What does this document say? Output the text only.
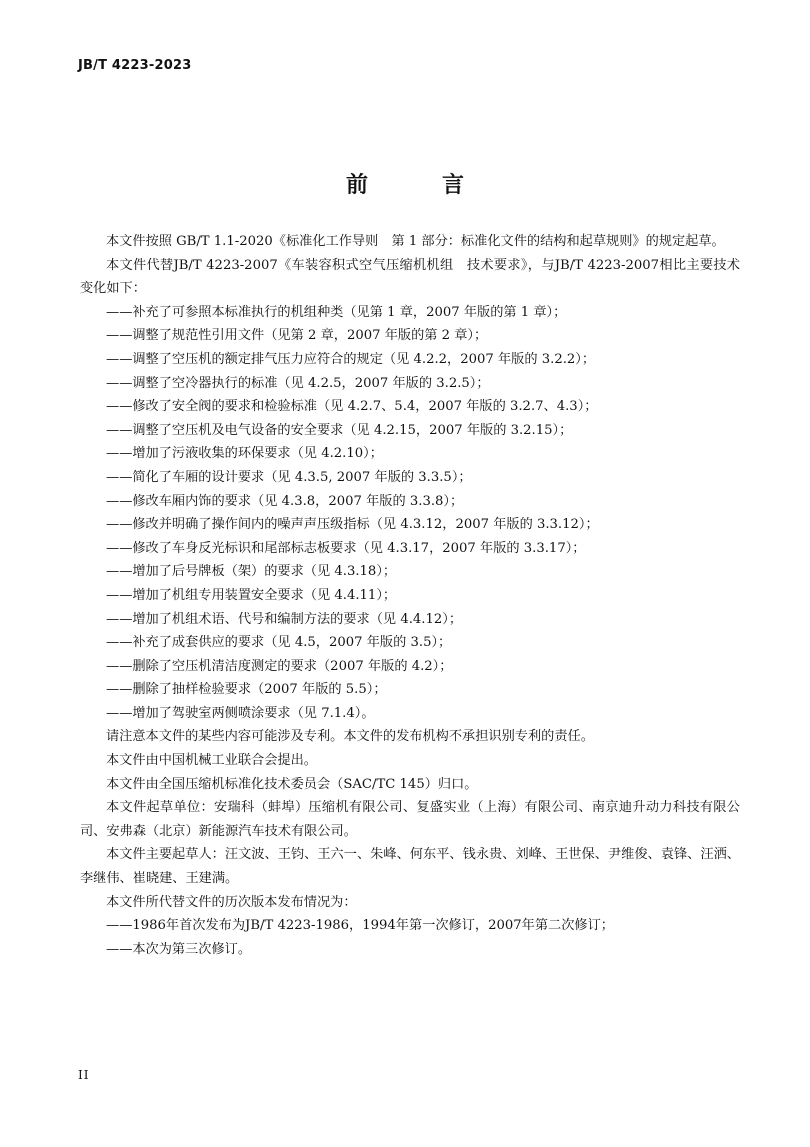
JB/T 4223-2023
前　言

本文件按照 GB/T 1.1-2020《标准化工作导则　第 1 部分：标准化文件的结构和起草规则》的规定起草。

本文件代替JB/T 4223-2007《车装容积式空气压缩机机组　技术要求》，与JB/T 4223-2007相比主要技术变化如下：

——补充了可参照本标准执行的机组种类（见第 1 章，2007 年版的第 1 章）；

——调整了规范性引用文件（见第 2 章，2007 年版的第 2 章）；

——调整了空压机的额定排气压力应符合的规定（见 4.2.2，2007 年版的 3.2.2）；

——调整了空冷器执行的标准（见 4.2.5，2007 年版的 3.2.5）；

——修改了安全阀的要求和检验标准（见 4.2.7、5.4，2007 年版的 3.2.7、4.3）；

——调整了空压机及电气设备的安全要求（见 4.2.15，2007 年版的 3.2.15）；

——增加了污液收集的环保要求（见 4.2.10）；

——简化了车厢的设计要求（见 4.3.5, 2007 年版的 3.3.5）；

——修改车厢内饰的要求（见 4.3.8，2007 年版的 3.3.8）；

——修改并明确了操作间内的噪声声压级指标（见 4.3.12，2007 年版的 3.3.12）；

——修改了车身反光标识和尾部标志板要求（见 4.3.17，2007 年版的 3.3.17）；

——增加了后号牌板（架）的要求（见 4.3.18）；

——增加了机组专用装置安全要求（见 4.4.11）；

——增加了机组术语、代号和编制方法的要求（见 4.4.12）；

——补充了成套供应的要求（见 4.5，2007 年版的 3.5）；

——删除了空压机清洁度测定的要求（2007 年版的 4.2）；

——删除了抽样检验要求（2007 年版的 5.5）；

——增加了驾驶室两侧喷涂要求（见 7.1.4）。

请注意本文件的某些内容可能涉及专利。本文件的发布机构不承担识别专利的责任。

本文件由中国机械工业联合会提出。

本文件由全国压缩机标准化技术委员会（SAC/TC 145）归口。

本文件起草单位：安瑞科（蚌埠）压缩机有限公司、复盛实业（上海）有限公司、南京迪升动力科技有限公司、安弗森（北京）新能源汽车技术有限公司。

本文件主要起草人：汪文波、王钧、王六一、朱峰、何东平、钱永贵、刘峰、王世保、尹维俊、袁锋、汪洒、李继伟、崔晓建、王建满。

本文件所代替文件的历次版本发布情况为：

——1986年首次发布为JB/T 4223-1986，1994年第一次修订，2007年第二次修订；

——本次为第三次修订。

II
